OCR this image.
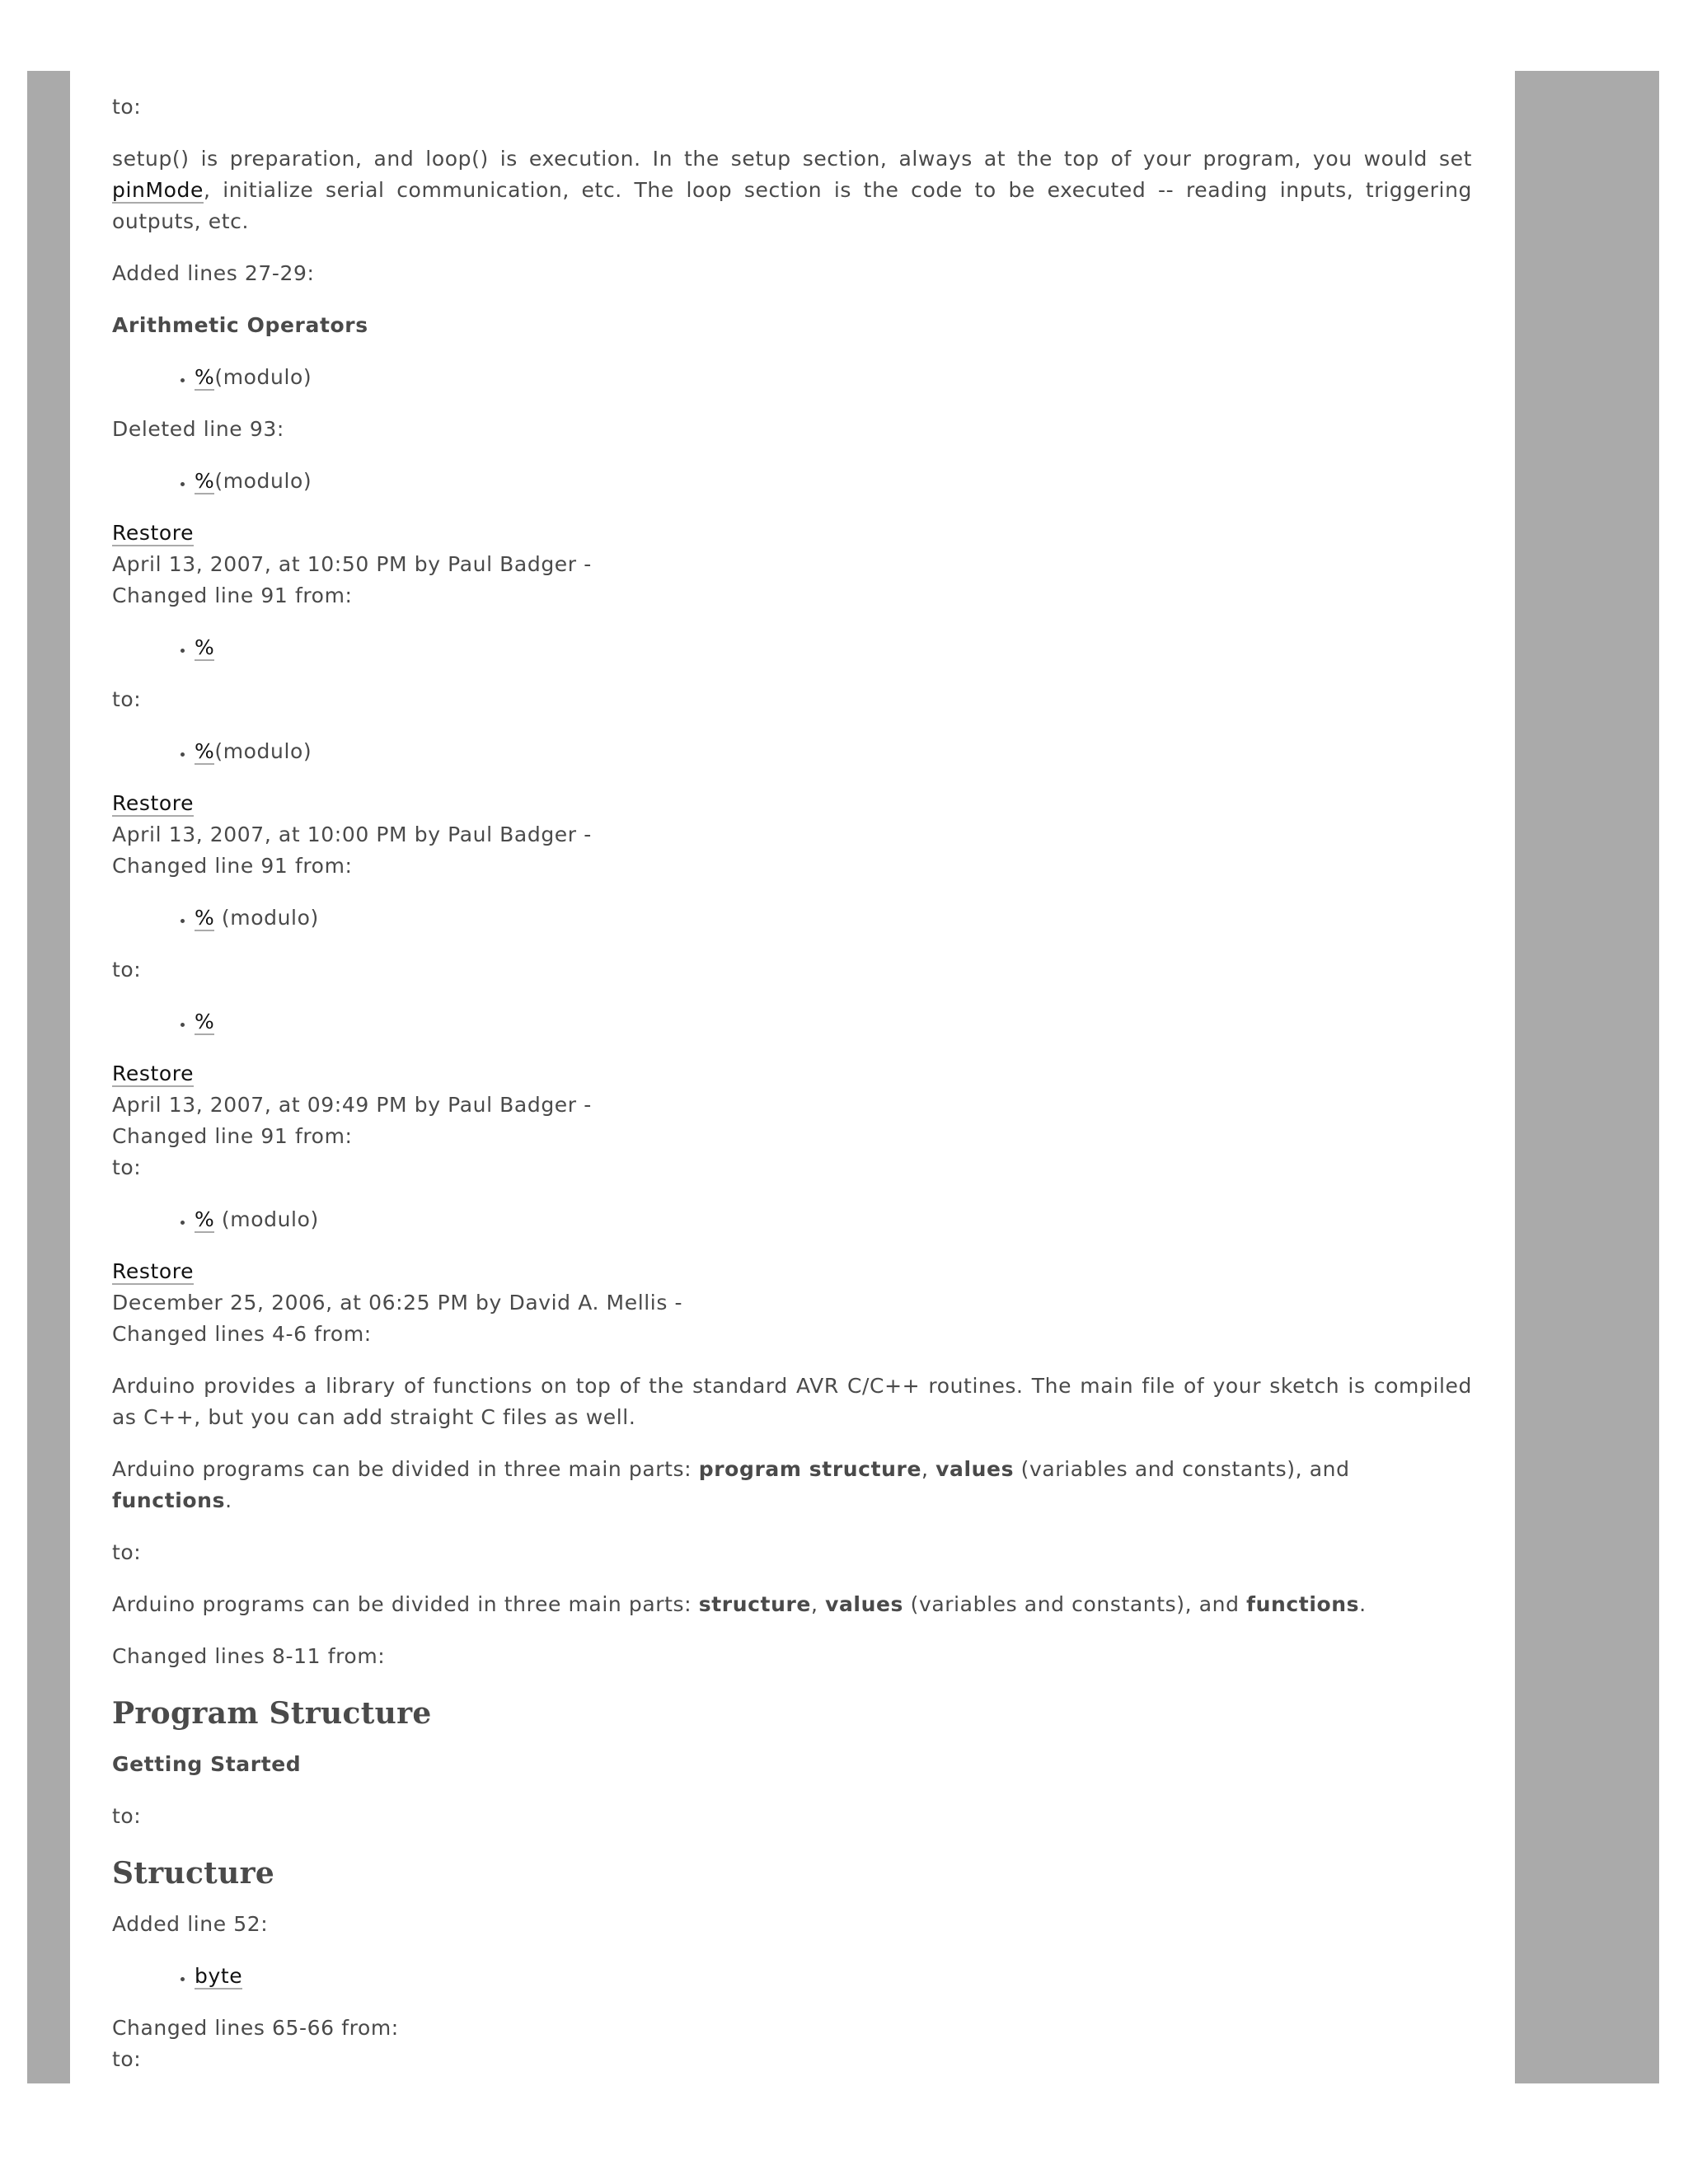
to:

setup() is preparation, and loop() is execution. In the setup section, always at the top of your program, you would set pinMode, initialize serial communication, etc. The loop section is the code to be executed -- reading inputs, triggering outputs, etc.

Added lines 27-29:

Arithmetic Operators

• %(modulo)

Deleted line 93:

• %(modulo)

Restore

April 13, 2007, at 10:50 PM by Paul Badger -

Changed line 91 from:

• %

to:

• %(modulo)

Restore

April 13, 2007, at 10:00 PM by Paul Badger -

Changed line 91 from:

• % (modulo)

to:

• %

Restore

April 13, 2007, at 09:49 PM by Paul Badger -

Changed line 91 from:

to:

• % (modulo)

Restore

December 25, 2006, at 06:25 PM by David A. Mellis -

Changed lines 4-6 from:

Arduino provides a library of functions on top of the standard AVR C/C++ routines. The main file of your sketch is compiled as C++, but you can add straight C files as well.

Arduino programs can be divided in three main parts: program structure, values (variables and constants), and functions.

to:

Arduino programs can be divided in three main parts: structure, values (variables and constants), and functions.

Changed lines 8-11 from:

Program Structure

Getting Started

to:

Structure

Added line 52:

• byte

Changed lines 65-66 from:

to:
